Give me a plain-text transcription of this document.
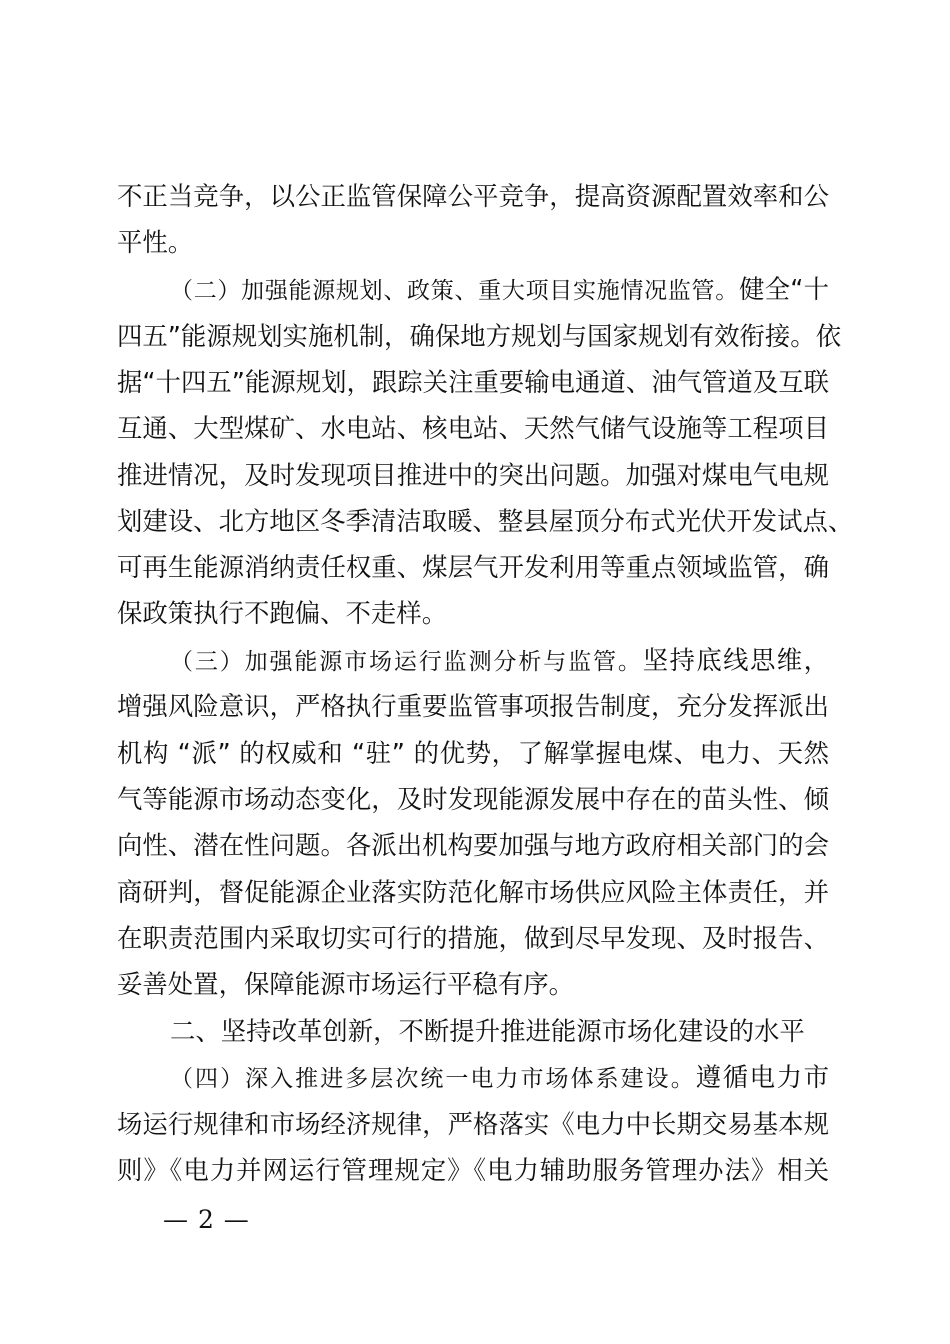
不正当竞争，以公正监管保障公平竞争，提高资源配置效率和公
平性。
（二）加强能源规划、政策、重大项目实施情况监管。健全“十
四五”能源规划实施机制，确保地方规划与国家规划有效衔接。依
据“十四五”能源规划，跟踪关注重要输电通道、油气管道及互联
互通、大型煤矿、水电站、核电站、天然气储气设施等工程项目
推进情况，及时发现项目推进中的突出问题。加强对煤电气电规
划建设、北方地区冬季清洁取暖、整县屋顶分布式光伏开发试点、
可再生能源消纳责任权重、煤层气开发利用等重点领域监管，确
保政策执行不跑偏、不走样。
（三）加强能源市场运行监测分析与监管。坚持底线思维，
增强风险意识，严格执行重要监管事项报告制度，充分发挥派出
机构 “派” 的权威和 “驻” 的优势，了解掌握电煤、电力、天然
气等能源市场动态变化，及时发现能源发展中存在的苗头性、倾
向性、潜在性问题。各派出机构要加强与地方政府相关部门的会
商研判，督促能源企业落实防范化解市场供应风险主体责任，并
在职责范围内采取切实可行的措施，做到尽早发现、及时报告、
妥善处置，保障能源市场运行平稳有序。
二、坚持改革创新，不断提升推进能源市场化建设的水平
（四）深入推进多层次统一电力市场体系建设。遵循电力市
场运行规律和市场经济规律，严格落实《电力中长期交易基本规
则》《电力并网运行管理规定》《电力辅助服务管理办法》相关
— 2 —
